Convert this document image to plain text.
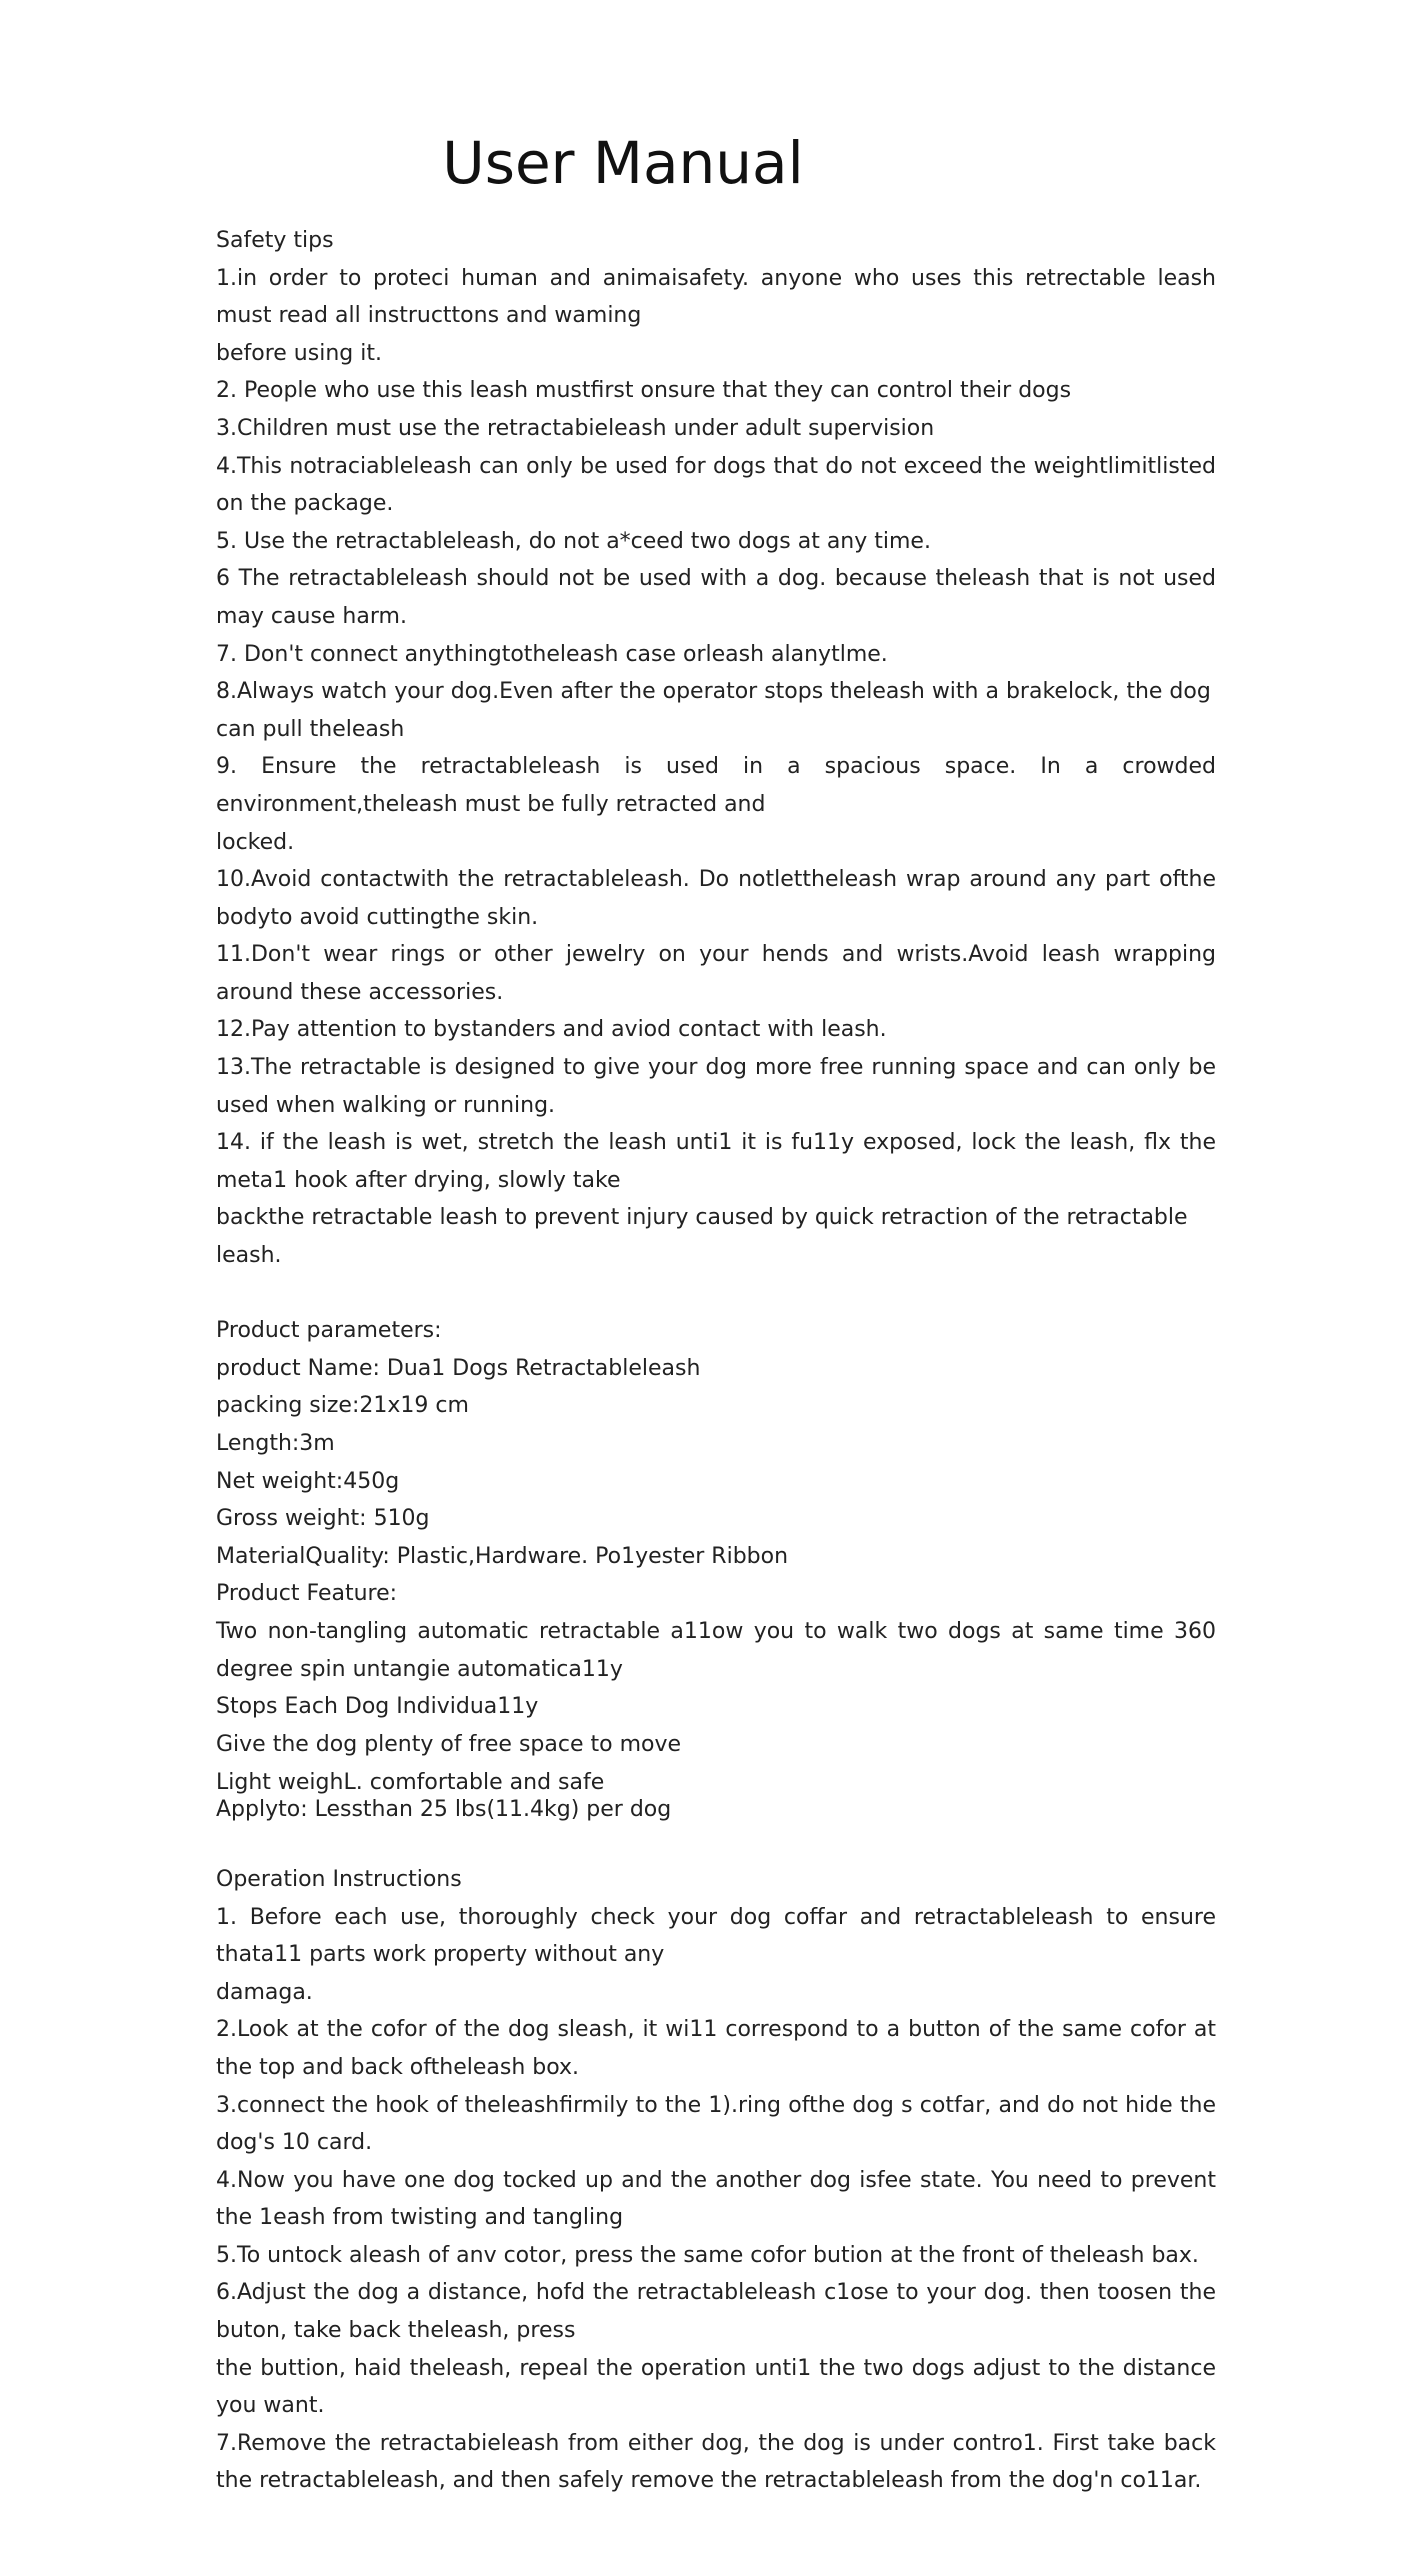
User Manual

Safety tips

1.in order to proteci human and animaisafety. anyone who uses this retrectable leash must read all instructtons and waming

before using it.

2. People who use this leash mustfirst onsure that they can control their dogs

3.Children must use the retractabieleash under adult supervision

4.This notraciableleash can only be used for dogs that do not exceed the weightlimitlisted on the package.

5. Use the retractableleash, do not a*ceed two dogs at any time.

6 The retractableleash should not be used with a dog. because theleash that is not used may cause harm.

7. Don't connect anythingtotheleash case orleash alanytlme.

8.Always watch your dog.Even after the operator stops theleash with a brakelock, the dog can pull theleash

9. Ensure the retractableleash is used in a spacious space. In a crowded environment,theleash must be fully retracted and

locked.

10.Avoid contactwith the retractableleash. Do notlettheleash wrap around any part ofthe bodyto avoid cuttingthe skin.

11.Don't wear rings or other jewelry on your hends and wrists.Avoid leash wrapping around these accessories.

12.Pay attention to bystanders and aviod contact with leash.

13.The retractable is designed to give your dog more free running space and can only be used when walking or running.

14. if the leash is wet, stretch the leash unti1 it is fu11y exposed, lock the leash, flx the meta1 hook after drying, slowly take

backthe retractable leash to prevent injury caused by quick retraction of the retractable leash.

Product parameters:

product Name: Dua1 Dogs Retractableleash

packing size:21x19 cm

Length:3m

Net weight:450g

Gross weight: 510g

MaterialQuality: Plastic,Hardware. Po1yester Ribbon

Product Feature:

Two non-tangling automatic retractable a11ow you to walk two dogs at same time 360 degree spin untangie automatica11y

Stops Each Dog Individua11y

Give the dog plenty of free space to move

Light weighL. comfortable and safe

Applyto: Lessthan 25 lbs(11.4kg) per dog

Operation Instructions

1. Before each use, thoroughly check your dog coffar and retractableleash to ensure thata11 parts work property without any

damaga.

2.Look at the cofor of the dog sleash, it wi11 correspond to a button of the same cofor at the top and back oftheleash box.

3.connect the hook of theleashfirmily to the 1).ring ofthe dog s cotfar, and do not hide the dog's 10 card.

4.Now you have one dog tocked up and the another dog isfee state. You need to prevent the 1eash from twisting and tangling

5.To untock aleash of anv cotor, press the same cofor bution at the front of theleash bax.

6.Adjust the dog a distance, hofd the retractableleash c1ose to your dog. then toosen the buton, take back theleash, press

the buttion, haid theleash, repeal the operation unti1 the two dogs adjust to the distance you want.

7.Remove the retractabieleash from either dog, the dog is under contro1. First take back the retractableleash, and then safely remove the retractableleash from the dog'n co11ar.
